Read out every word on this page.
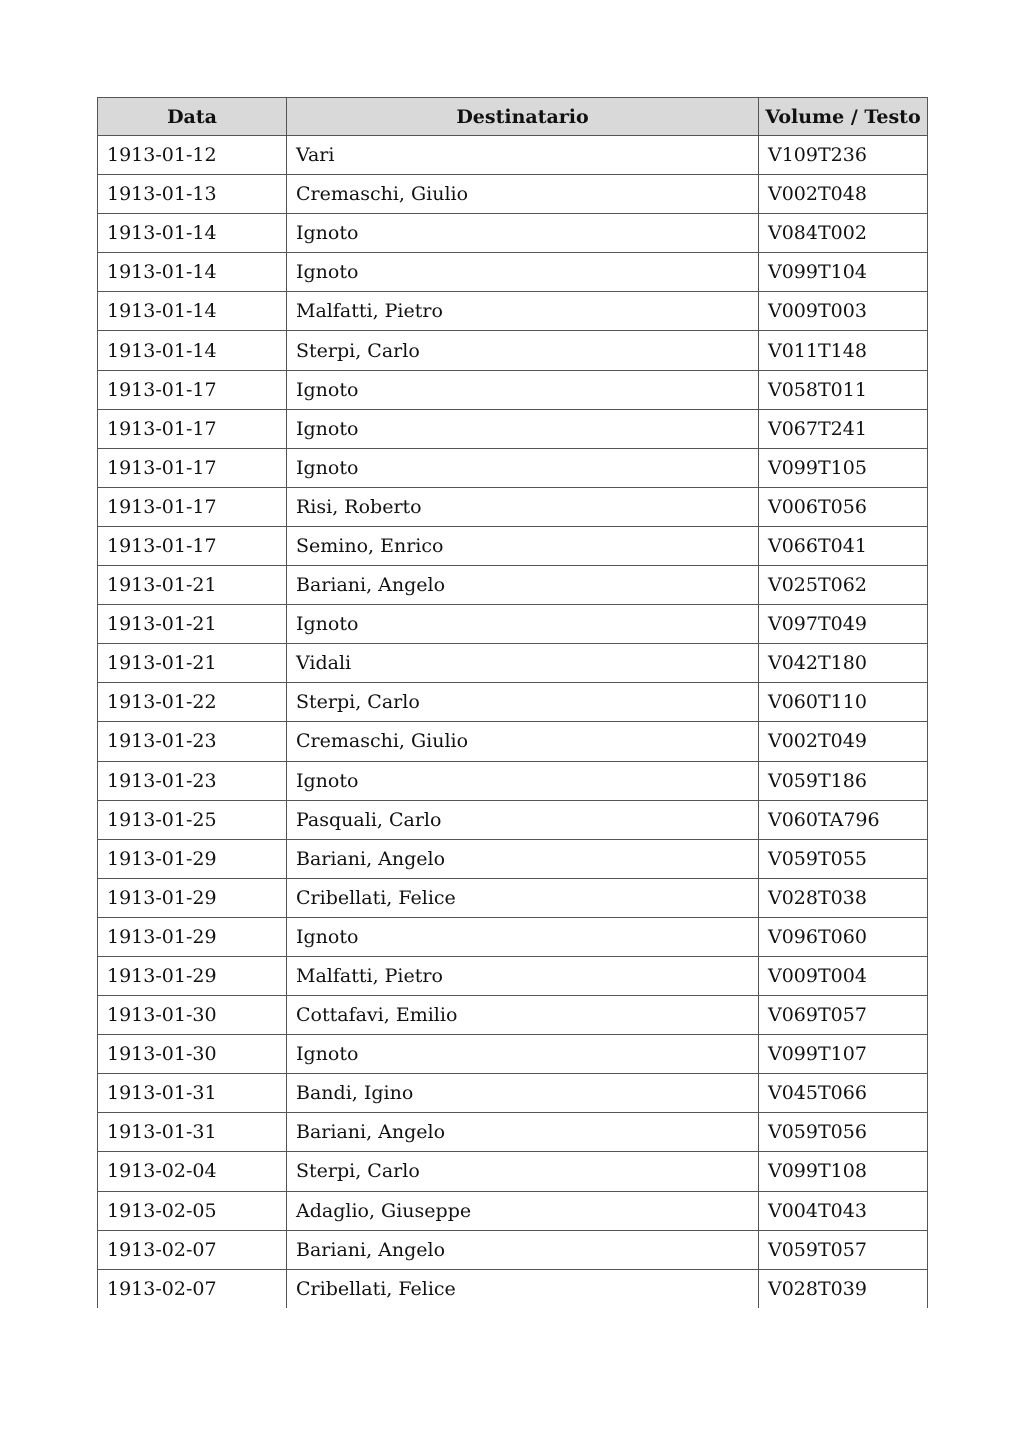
Data	Destinatario	Volume / Testo
1913-01-12	Vari	V109T236
1913-01-13	Cremaschi, Giulio	V002T048
1913-01-14	Ignoto	V084T002
1913-01-14	Ignoto	V099T104
1913-01-14	Malfatti, Pietro	V009T003
1913-01-14	Sterpi, Carlo	V011T148
1913-01-17	Ignoto	V058T011
1913-01-17	Ignoto	V067T241
1913-01-17	Ignoto	V099T105
1913-01-17	Risi, Roberto	V006T056
1913-01-17	Semino, Enrico	V066T041
1913-01-21	Bariani, Angelo	V025T062
1913-01-21	Ignoto	V097T049
1913-01-21	Vidali	V042T180
1913-01-22	Sterpi, Carlo	V060T110
1913-01-23	Cremaschi, Giulio	V002T049
1913-01-23	Ignoto	V059T186
1913-01-25	Pasquali, Carlo	V060TA796
1913-01-29	Bariani, Angelo	V059T055
1913-01-29	Cribellati, Felice	V028T038
1913-01-29	Ignoto	V096T060
1913-01-29	Malfatti, Pietro	V009T004
1913-01-30	Cottafavi, Emilio	V069T057
1913-01-30	Ignoto	V099T107
1913-01-31	Bandi, Igino	V045T066
1913-01-31	Bariani, Angelo	V059T056
1913-02-04	Sterpi, Carlo	V099T108
1913-02-05	Adaglio, Giuseppe	V004T043
1913-02-07	Bariani, Angelo	V059T057
1913-02-07	Cribellati, Felice	V028T039
